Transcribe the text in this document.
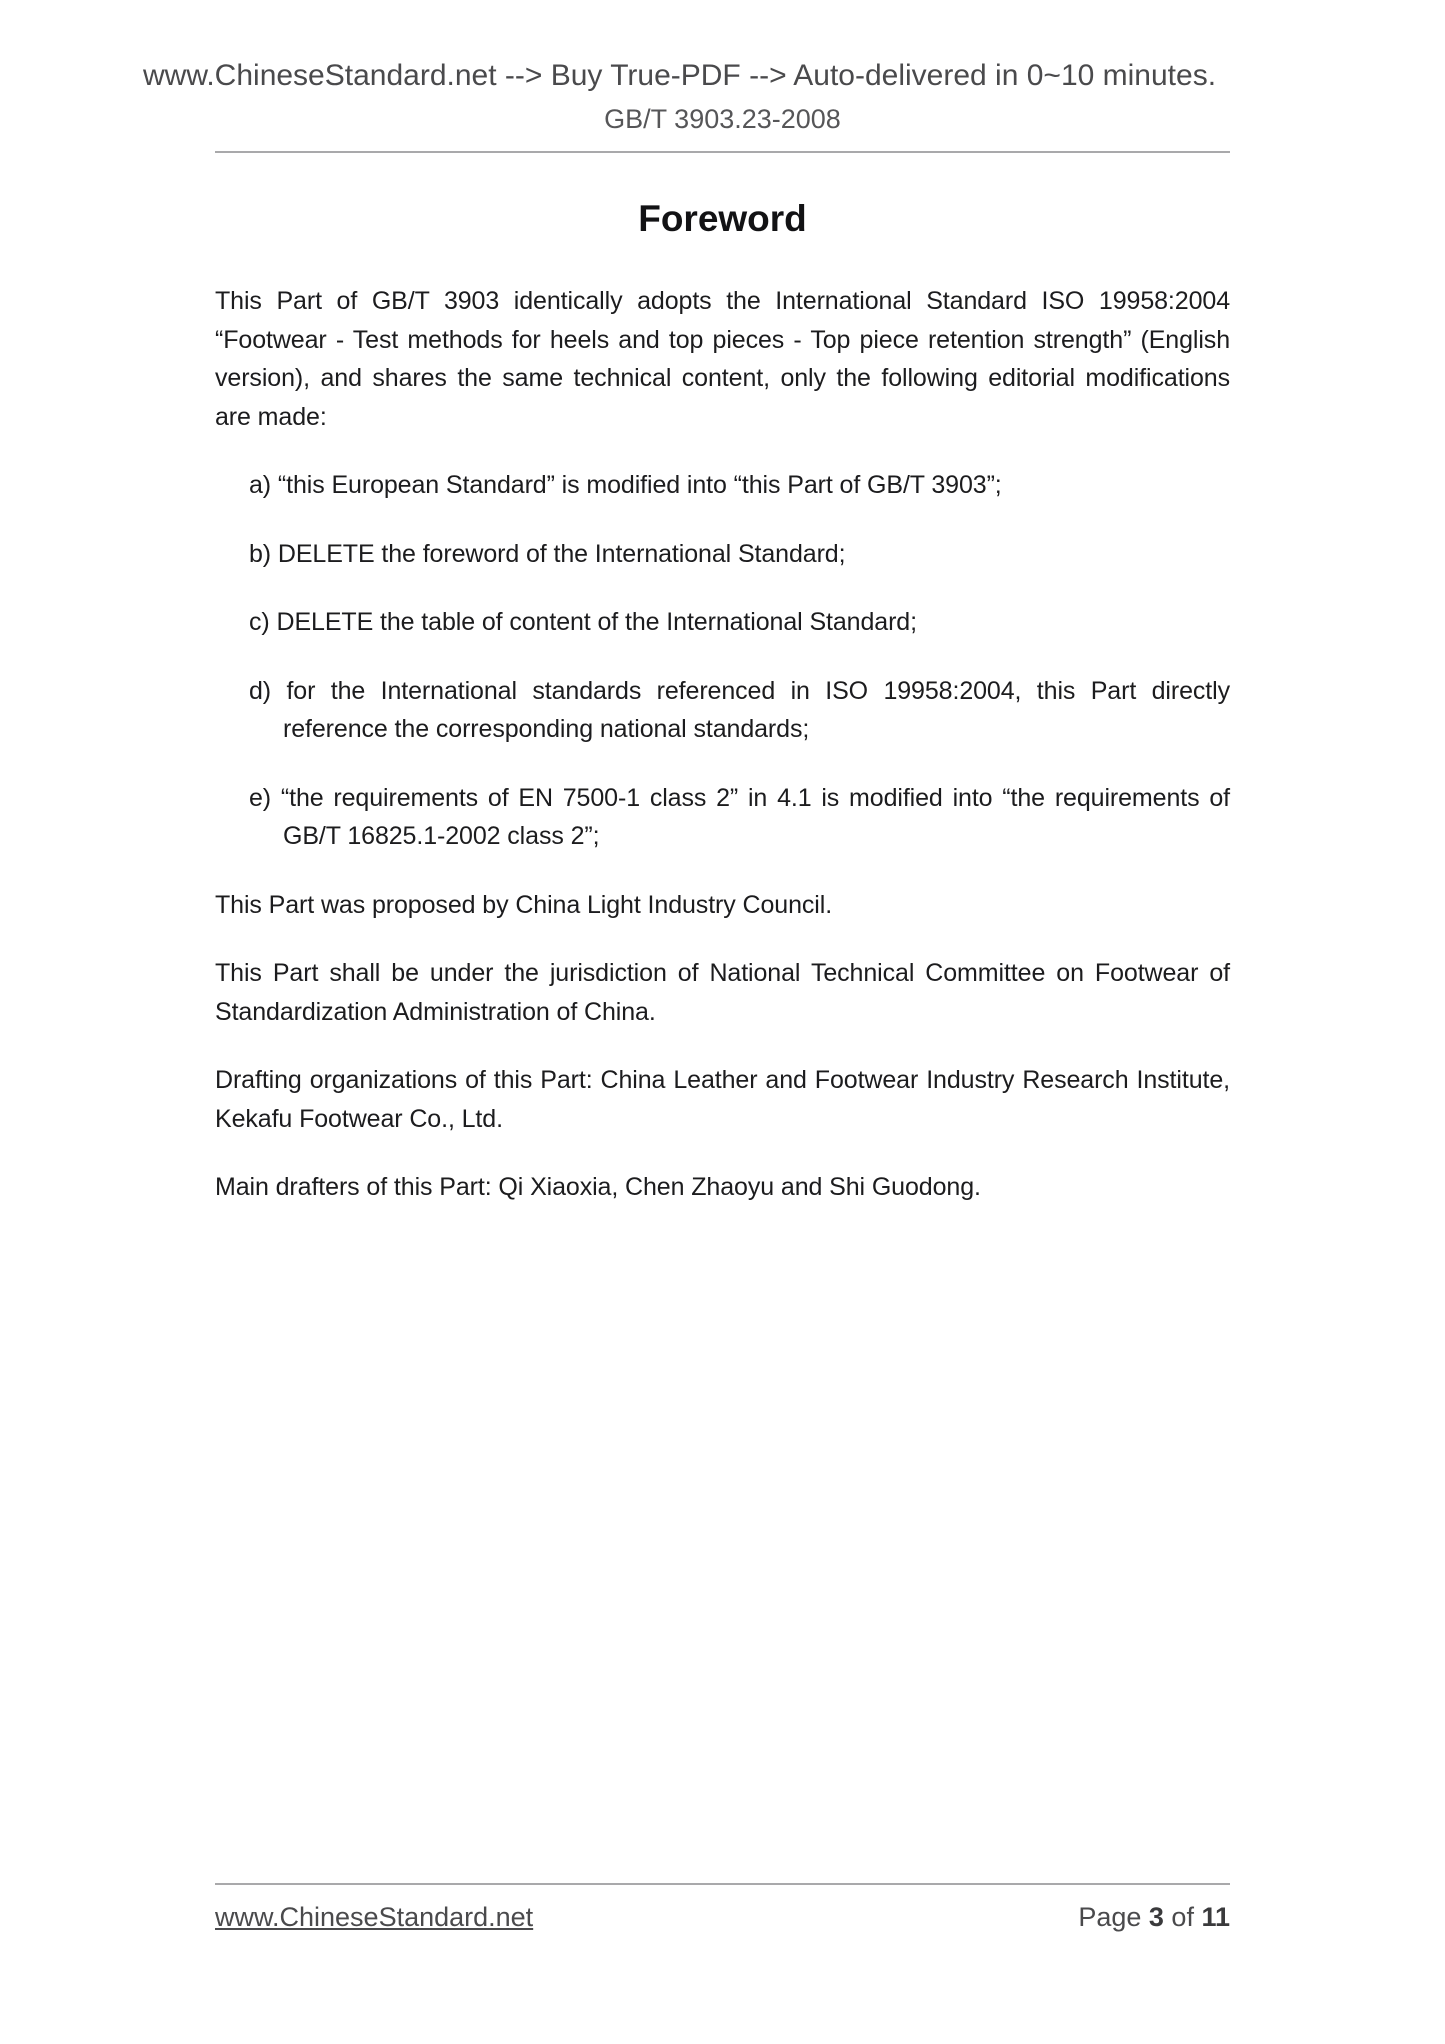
www.ChineseStandard.net --> Buy True-PDF --> Auto-delivered in 0~10 minutes.
GB/T 3903.23-2008
Foreword

This Part of GB/T 3903 identically adopts the International Standard ISO 19958:2004 “Footwear - Test methods for heels and top pieces - Top piece retention strength” (English version), and shares the same technical content, only the following editorial modifications are made:

a) “this European Standard” is modified into “this Part of GB/T 3903”;
b) DELETE the foreword of the International Standard;
c) DELETE the table of content of the International Standard;
d) for the International standards referenced in ISO 19958:2004, this Part directly reference the corresponding national standards;
e) “the requirements of EN 7500-1 class 2” in 4.1 is modified into “the requirements of GB/T 16825.1-2002 class 2”;

This Part was proposed by China Light Industry Council.

This Part shall be under the jurisdiction of National Technical Committee on Footwear of Standardization Administration of China.

Drafting organizations of this Part: China Leather and Footwear Industry Research Institute, Kekafu Footwear Co., Ltd.

Main drafters of this Part: Qi Xiaoxia, Chen Zhaoyu and Shi Guodong.

www.ChineseStandard.net	Page 3 of 11
